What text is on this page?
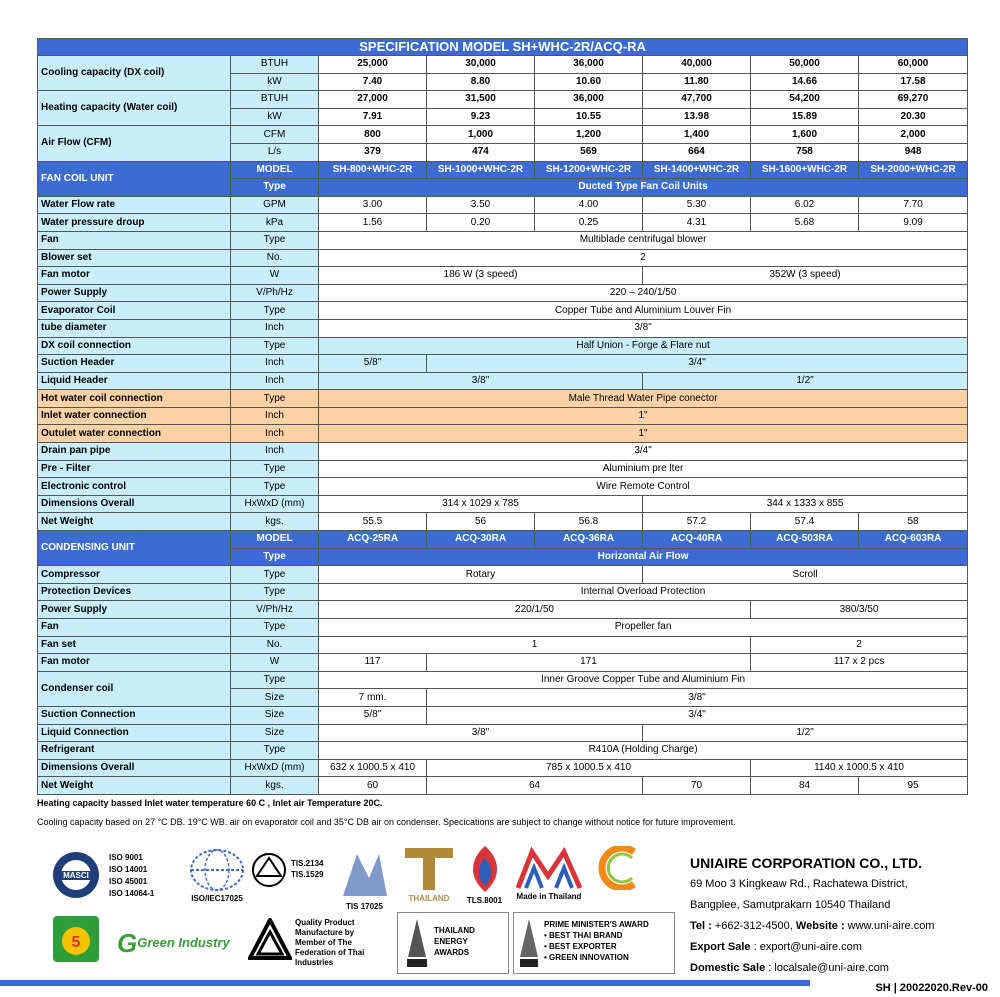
SPECIFICATION MODEL SH+WHC-2R/ACQ-RA							
Cooling capacity (DX coil)	BTUH	25,000	30,000	36,000	40,000	50,000	60,000
	kW	7.40	8.80	10.60	11.80	14.66	17.58
Heating capacity (Water coil)	BTUH	27,000	31,500	36,000	47,700	54,200	69,270
	kW	7.91	9.23	10.55	13.98	15.89	20.30
Air Flow (CFM)	CFM	800	1,000	1,200	1,400	1,600	2,000
	L/s	379	474	569	664	758	948
FAN COIL UNIT	MODEL	SH-800+WHC-2R	SH-1000+WHC-2R	SH-1200+WHC-2R	SH-1400+WHC-2R	SH-1600+WHC-2R	SH-2000+WHC-2R
	Type	Ducted Type Fan Coil Units					
Water Flow rate	GPM	3.00	3.50	4.00	5.30	6.02	7.70
Water pressure droup	kPa	1.56	0.20	0.25	4.31	5.68	9.09
Fan	Type	Multiblade centrifugal blower					
Blower set	No.	2					
Fan motor	W	186 W (3 speed)			352W (3 speed)		
Power Supply	V/Ph/Hz	220 – 240/1/50					
Evaporator Coil	Type	Copper Tube and Aluminium Louver Fin					
tube diameter	Inch	3/8"					
DX coil connection	Type	Half Union - Forge & Flare nut					
Suction Header	Inch	5/8"	3/4"				
Liquid Header	Inch	3/8"			1/2"		
Hot water coil connection	Type	Male Thread Water Pipe conector					
Inlet water connection	Inch	1"					
Outulet water connection	Inch	1"					
Drain pan pipe	Inch	3/4"					
Pre - Filter	Type	Aluminium pre lter					
Electronic control	Type	Wire Remote Control					
Dimensions Overall	HxWxD (mm)	314 x 1029 x 785			344 x 1333 x 855		
Net Weight	kgs.	55.5	56	56.8	57.2	57.4	58
CONDENSING UNIT	MODEL	ACQ-25RA	ACQ-30RA	ACQ-36RA	ACQ-40RA	ACQ-503RA	ACQ-603RA
	Type	Horizontal Air Flow					
Compressor	Type	Rotary			Scroll		
Protection Devices	Type	Internal Overload Protection					
Power Supply	V/Ph/Hz	220/1/50				380/3/50	
Fan	Type	Propeller fan					
Fan set	No.	1				2	
Fan motor	W	117	171			117 x 2 pcs	
Condenser coil	Type	Inner Groove Copper Tube and Aluminium Fin					
	Size	7 mm.	3/8"				
Suction Connection	Size	5/8"	3/4"				
Liquid Connection	Size	3/8"			1/2"		
Refrigerant	Type	R410A (Holding Charge)					
Dimensions Overall	HxWxD (mm)	632 x 1000.5 x 410	785 x 1000.5 x 410			1140 x 1000.5 x 410	
Net Weight	kgs.	60	64		70	84	95
Heating capacity bassed Inlet water temperature 60 C , Inlet air Temperature 20C.
Cooling capacity based on 27 °C DB. 19°C WB. air on evaporator coil and 35°C DB air on condenser. Specications are subject to change without notice for future improvement.
MASCI
ISO 9001
ISO 14001
ISO 45001
ISO 14064-1
ISO/IEC17025
TIS.2134
TIS.1529
TIS 17025
THAILAND	TLS.8001	Made in Thailand
5 GGreen Industry
Quality Product Manufacture by Member of The Federation of Thai Industries
THAILAND ENERGY AWARDS
PRIME MINISTER'S AWARD
• BEST THAI BRAND
• BEST EXPORTER
• GREEN INNOVATION
UNIAIRE CORPORATION CO., LTD.
69 Moo 3 Kingkeaw Rd., Rachatewa District,
Bangplee, Samutprakarn 10540 Thailand
Tel : +662-312-4500, Website : www.uni-aire.com
Export Sale : export@uni-aire.com
Domestic Sale : localsale@uni-aire.com
SH | 20022020.Rev-00
